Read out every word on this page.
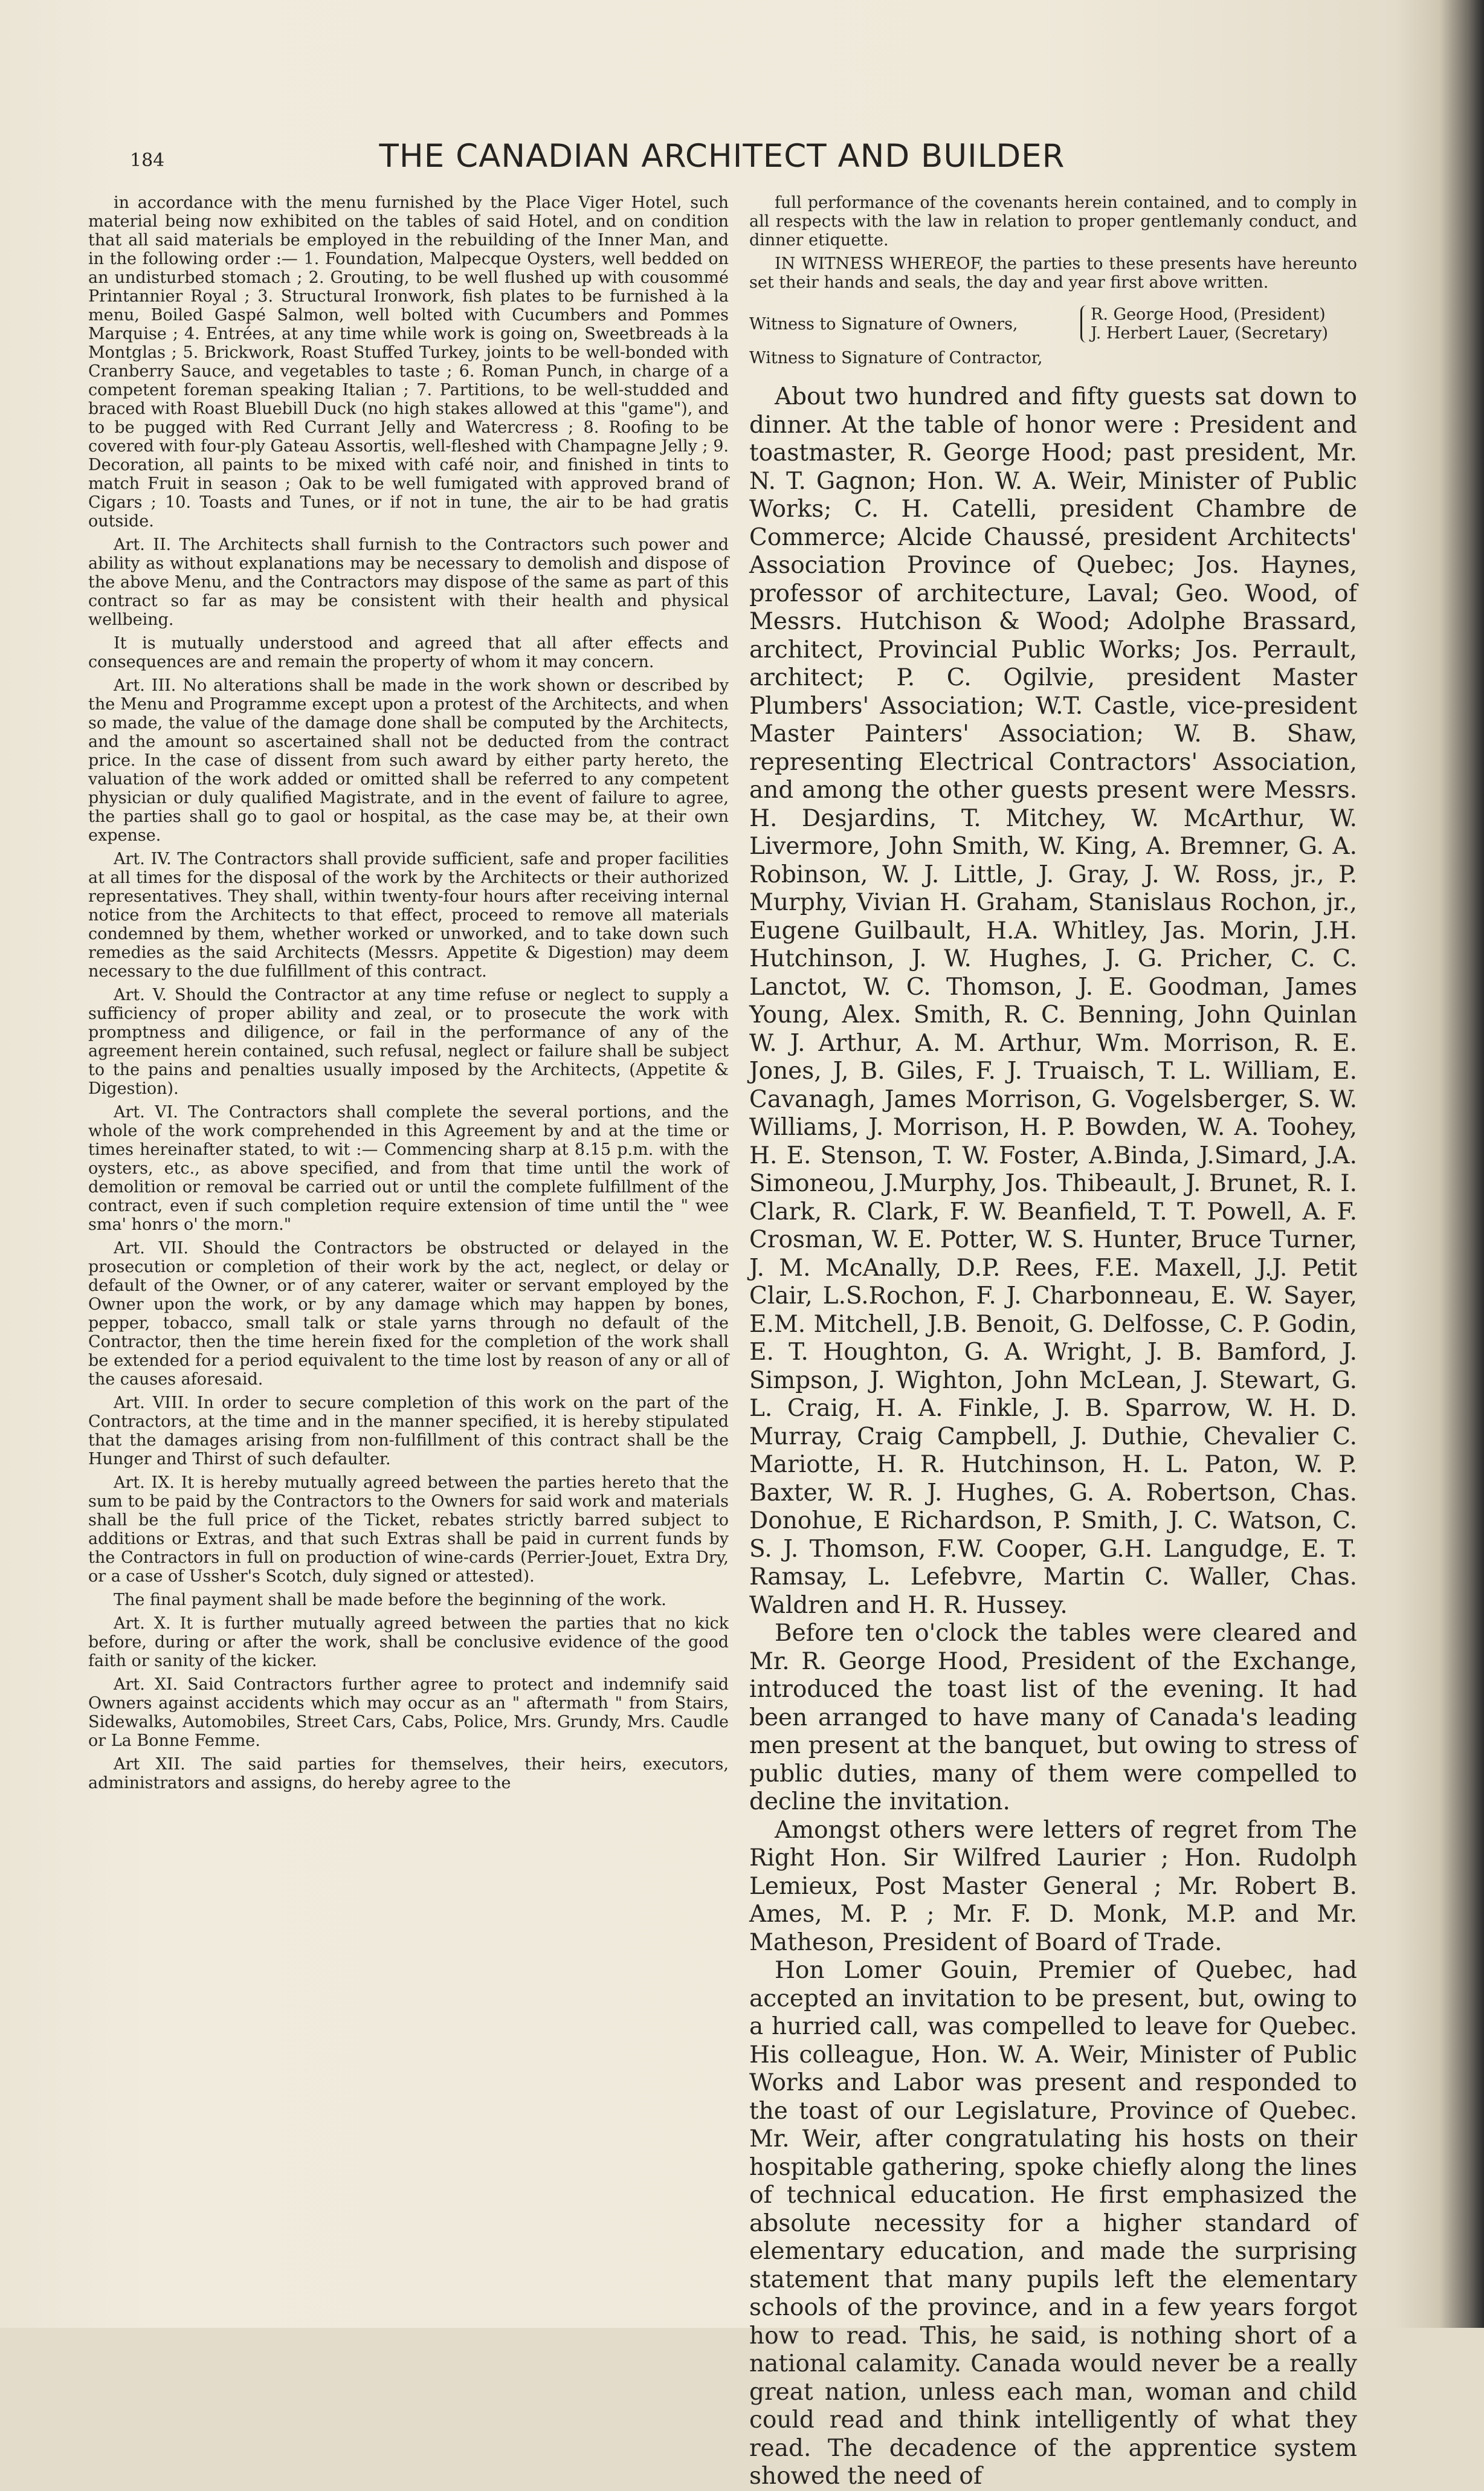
184	THE CANADIAN ARCHITECT AND BUILDER

in accordance with the menu furnished by the Place Viger Hotel, such material being now exhibited on the tables of said Hotel, and on condition that all said materials be employed in the rebuilding of the Inner Man, and in the following order :— 1. Foundation, Malpecque Oysters, well bedded on an undisturbed stomach ; 2. Grouting, to be well flushed up with cousommé Printannier Royal ; 3. Structural Ironwork, fish plates to be furnished à la menu, Boiled Gaspé Salmon, well bolted with Cucumbers and Pommes Marquise ; 4. Entrées, at any time while work is going on, Sweetbreads à la Montglas ; 5. Brickwork, Roast Stuffed Turkey, joints to be well-bonded with Cranberry Sauce, and vegetables to taste ; 6. Roman Punch, in charge of a competent foreman speaking Italian ; 7. Partitions, to be well-studded and braced with Roast Bluebill Duck (no high stakes allowed at this "game"), and to be pugged with Red Currant Jelly and Watercress ; 8. Roofing to be covered with four-ply Gateau Assortis, well-fleshed with Champagne Jelly ; 9. Decoration, all paints to be mixed with café noir, and finished in tints to match Fruit in season ; Oak to be well fumigated with approved brand of Cigars ; 10. Toasts and Tunes, or if not in tune, the air to be had gratis outside.

Art. II. The Architects shall furnish to the Contractors such power and ability as without explanations may be necessary to demolish and dispose of the above Menu, and the Contractors may dispose of the same as part of this contract so far as may be consistent with their health and physical wellbeing.

It is mutually understood and agreed that all after effects and consequences are and remain the property of whom it may concern.

Art. III. No alterations shall be made in the work shown or described by the Menu and Programme except upon a protest of the Architects, and when so made, the value of the damage done shall be computed by the Architects, and the amount so ascertained shall not be deducted from the contract price. In the case of dissent from such award by either party hereto, the valuation of the work added or omitted shall be referred to any competent physician or duly qualified Magistrate, and in the event of failure to agree, the parties shall go to gaol or hospital, as the case may be, at their own expense.

Art. IV. The Contractors shall provide sufficient, safe and proper facilities at all times for the disposal of the work by the Architects or their authorized representatives. They shall, within twenty-four hours after receiving internal notice from the Architects to that effect, proceed to remove all materials condemned by them, whether worked or unworked, and to take down such remedies as the said Architects (Messrs. Appetite & Digestion) may deem necessary to the due fulfillment of this contract.

Art. V. Should the Contractor at any time refuse or neglect to supply a sufficiency of proper ability and zeal, or to prosecute the work with promptness and diligence, or fail in the performance of any of the agreement herein contained, such refusal, neglect or failure shall be subject to the pains and penalties usually imposed by the Architects, (Appetite & Digestion).

Art. VI. The Contractors shall complete the several portions, and the whole of the work comprehended in this Agreement by and at the time or times hereinafter stated, to wit :— Commencing sharp at 8.15 p.m. with the oysters, etc., as above specified, and from that time until the work of demolition or removal be carried out or until the complete fulfillment of the contract, even if such completion require extension of time until the " wee sma' honrs o' the morn."

Art. VII. Should the Contractors be obstructed or delayed in the prosecution or completion of their work by the act, neglect, or delay or default of the Owner, or of any caterer, waiter or servant employed by the Owner upon the work, or by any damage which may happen by bones, pepper, tobacco, small talk or stale yarns through no default of the Contractor, then the time herein fixed for the completion of the work shall be extended for a period equivalent to the time lost by reason of any or all of the causes aforesaid.

Art. VIII. In order to secure completion of this work on the part of the Contractors, at the time and in the manner specified, it is hereby stipulated that the damages arising from non-fulfillment of this contract shall be the Hunger and Thirst of such defaulter.

Art. IX. It is hereby mutually agreed between the parties hereto that the sum to be paid by the Contractors to the Owners for said work and materials shall be the full price of the Ticket, rebates strictly barred subject to additions or Extras, and that such Extras shall be paid in current funds by the Contractors in full on production of wine-cards (Perrier-Jouet, Extra Dry, or a case of Ussher's Scotch, duly signed or attested).

The final payment shall be made before the beginning of the work.

Art. X. It is further mutually agreed between the parties that no kick before, during or after the work, shall be conclusive evidence of the good faith or sanity of the kicker.

Art. XI. Said Contractors further agree to protect and indemnify said Owners against accidents which may occur as an " aftermath " from Stairs, Sidewalks, Automobiles, Street Cars, Cabs, Police, Mrs. Grundy, Mrs. Caudle or La Bonne Femme.

Art XII. The said parties for themselves, their heirs, executors, administrators and assigns, do hereby agree to the

full performance of the covenants herein contained, and to comply in all respects with the law in relation to proper gentlemanly conduct, and dinner etiquette.

IN WITNESS WHEREOF, the parties to these presents have hereunto set their hands and seals, the day and year first above written.

Witness to Signature of Owners,	R. George Hood, (President)
J. Herbert Lauer, (Secretary)
Witness to Signature of Contractor,

About two hundred and fifty guests sat down to dinner. At the table of honor were : President and toastmaster, R. George Hood; past president, Mr. N. T. Gagnon; Hon. W. A. Weir, Minister of Public Works; C. H. Catelli, president Chambre de Commerce; Alcide Chaussé, president Architects' Association Province of Quebec; Jos. Haynes, professor of architecture, Laval; Geo. Wood, of Messrs. Hutchison & Wood; Adolphe Brassard, architect, Provincial Public Works; Jos. Perrault, architect; P. C. Ogilvie, president Master Plumbers' Association; W.T. Castle, vice-president Master Painters' Association; W. B. Shaw, representing Electrical Contractors' Association, and among the other guests present were Messrs. H. Desjardins, T. Mitchey, W. McArthur, W. Livermore, John Smith, W. King, A. Bremner, G. A. Robinson, W. J. Little, J. Gray, J. W. Ross, jr., P. Murphy, Vivian H. Graham, Stanislaus Rochon, jr., Eugene Guilbault, H.A. Whitley, Jas. Morin, J.H. Hutchinson, J. W. Hughes, J. G. Pricher, C. C. Lanctot, W. C. Thomson, J. E. Goodman, James Young, Alex. Smith, R. C. Benning, John Quinlan W. J. Arthur, A. M. Arthur, Wm. Morrison, R. E. Jones, J, B. Giles, F. J. Truaisch, T. L. William, E. Cavanagh, James Morrison, G. Vogelsberger, S. W. Williams, J. Morrison, H. P. Bowden, W. A. Toohey, H. E. Stenson, T. W. Foster, A.Binda, J.Simard, J.A. Simoneou, J.Murphy, Jos. Thibeault, J. Brunet, R. I. Clark, R. Clark, F. W. Beanfield, T. T. Powell, A. F. Crosman, W. E. Potter, W. S. Hunter, Bruce Turner, J. M. McAnally, D.P. Rees, F.E. Maxell, J.J. Petit Clair, L.S.Rochon, F. J. Charbonneau, E. W. Sayer, E.M. Mitchell, J.B. Benoit, G. Delfosse, C. P. Godin, E. T. Houghton, G. A. Wright, J. B. Bamford, J. Simpson, J. Wighton, John McLean, J. Stewart, G. L. Craig, H. A. Finkle, J. B. Sparrow, W. H. D. Murray, Craig Campbell, J. Duthie, Chevalier C. Mariotte, H. R. Hutchinson, H. L. Paton, W. P. Baxter, W. R. J. Hughes, G. A. Robertson, Chas. Donohue, E Richardson, P. Smith, J. C. Watson, C. S. J. Thomson, F.W. Cooper, G.H. Langudge, E. T. Ramsay, L. Lefebvre, Martin C. Waller, Chas. Waldren and H. R. Hussey.

Before ten o'clock the tables were cleared and Mr. R. George Hood, President of the Exchange, introduced the toast list of the evening. It had been arranged to have many of Canada's leading men present at the banquet, but owing to stress of public duties, many of them were compelled to decline the invitation.

Amongst others were letters of regret from The Right Hon. Sir Wilfred Laurier ; Hon. Rudolph Lemieux, Post Master General ; Mr. Robert B. Ames, M. P. ; Mr. F. D. Monk, M.P. and Mr. Matheson, President of Board of Trade.

Hon Lomer Gouin, Premier of Quebec, had accepted an invitation to be present, but, owing to a hurried call, was compelled to leave for Quebec. His colleague, Hon. W. A. Weir, Minister of Public Works and Labor was present and responded to the toast of our Legislature, Province of Quebec. Mr. Weir, after congratulating his hosts on their hospitable gathering, spoke chiefly along the lines of technical education. He first emphasized the absolute necessity for a higher standard of elementary education, and made the surprising statement that many pupils left the elementary schools of the province, and in a few years forgot how to read. This, he said, is nothing short of a national calamity. Canada would never be a really great nation, unless each man, woman and child could read and think intelligently of what they read. The decadence of the apprentice system showed the need of
